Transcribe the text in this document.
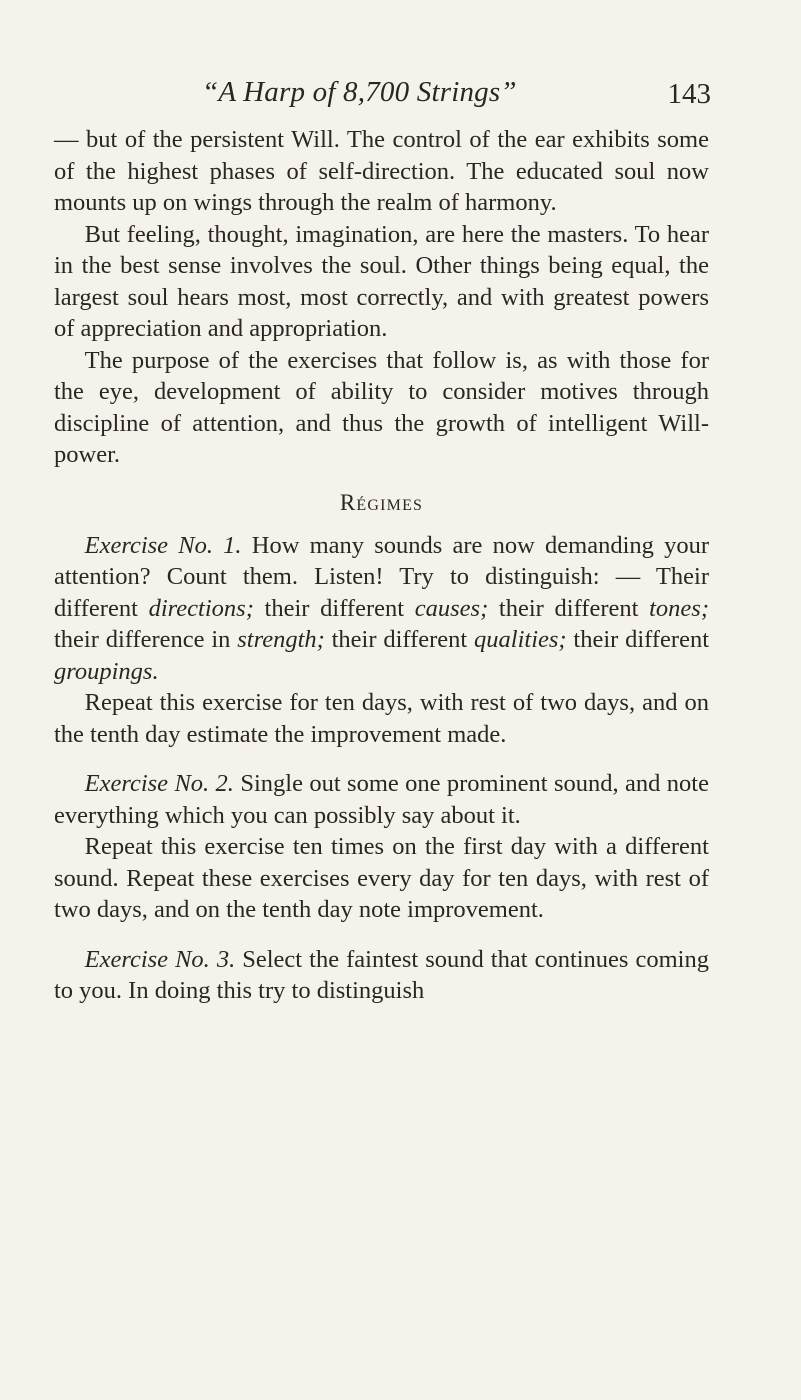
“A Harp of 8,700 Strings”	143

— but of the persistent Will. The control of the ear exhibits some of the highest phases of self-direction. The educated soul now mounts up on wings through the realm of harmony.

But feeling, thought, imagination, are here the masters. To hear in the best sense involves the soul. Other things being equal, the largest soul hears most, most correctly, and with greatest powers of appreciation and appropriation.

The purpose of the exercises that follow is, as with those for the eye, development of ability to consider motives through discipline of attention, and thus the growth of intelligent Will-power.

Régimes

Exercise No. 1. How many sounds are now demanding your attention? Count them. Listen! Try to distinguish: — Their different directions; their different causes; their different tones; their difference in strength; their different qualities; their different groupings.

Repeat this exercise for ten days, with rest of two days, and on the tenth day estimate the improvement made.

Exercise No. 2. Single out some one prominent sound, and note everything which you can possibly say about it.

Repeat this exercise ten times on the first day with a different sound. Repeat these exercises every day for ten days, with rest of two days, and on the tenth day note improvement.

Exercise No. 3. Select the faintest sound that continues coming to you. In doing this try to distinguish
